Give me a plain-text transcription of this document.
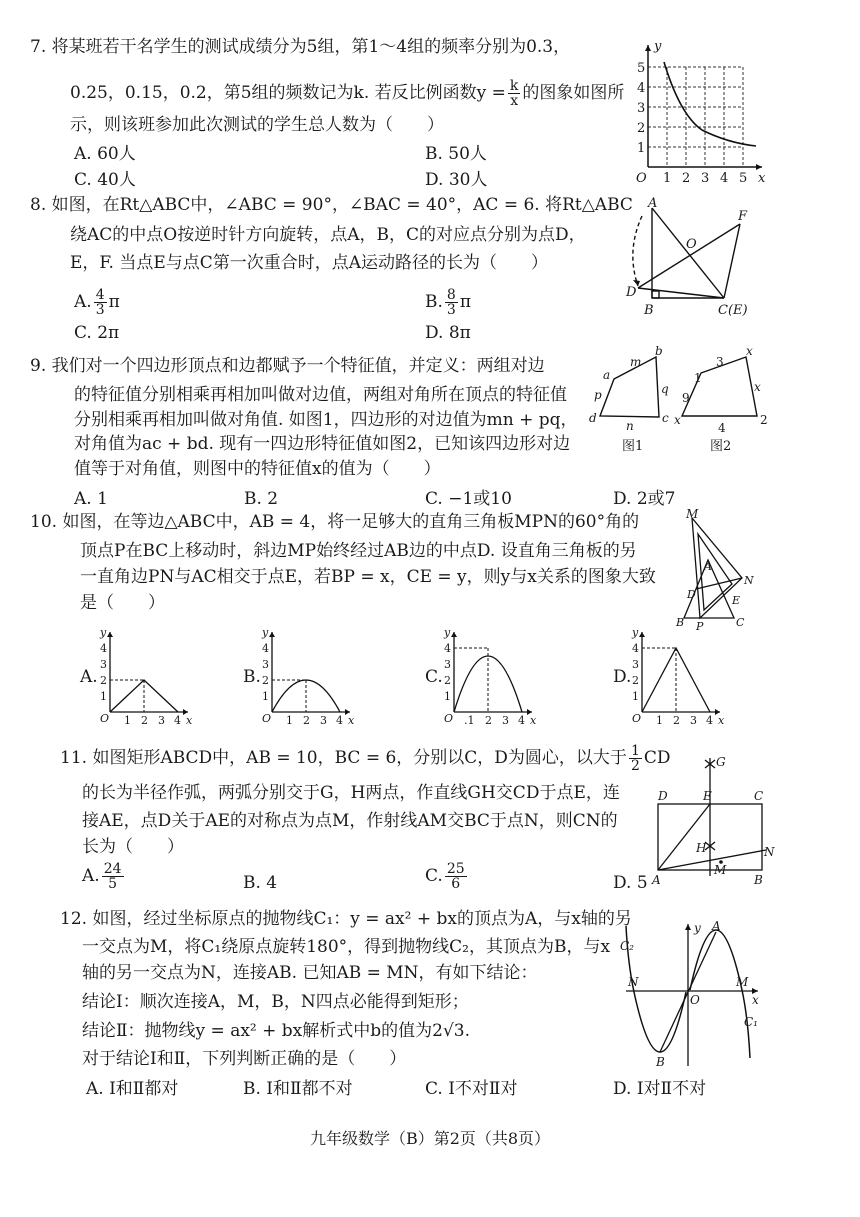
7. 将某班若干名学生的测试成绩分为5组，第1～4组的频率分别为0.3，
0.25，0.15，0.2，第5组的频数记为k. 若反比例函数$y = \frac{k}{x}$ 的图象如图所
示，则该班参加此次测试的学生总人数为（　　）
A. 60人	B. 50人
C. 40人	D. 30人
y
x
O 1 2 3 4 5
1
2
3
4
5
8. 如图，在Rt△ABC中，∠ABC = 90°，∠BAC = 40°，AC = 6. 将Rt△ABC
绕AC的中点O按逆时针方向旋转，点A，B，C的对应点分别为点D，
E，F. 当点E与点C第一次重合时，点A运动路径的长为（　　）
A. $\frac{4}{3}$ π	B. $\frac{8}{3}$ π
C. 2π	D. 8π
A
F
O
D
B	C(E)
9. 我们对一个四边形顶点和边都赋予一个特征值，并定义：两组对边
的特征值分别相乘再相加叫做对边值，两组对角所在顶点的特征值
分别相乘再相加叫做对角值. 如图1，四边形的对边值为mn + pq，
对角值为ac + bd. 现有一四边形特征值如图2，已知该四边形对边
值等于对角值，则图中的特征值x的值为（　　）
A. 1	B. 2	C. −1或10	D. 2或7
m
b
a
p	q
d
n
c
图1
1
3
x
9
x
x
4
2
图2
10. 如图，在等边△ABC中，AB = 4，将一足够大的直角三角板MPN的60°角的
顶点P在BC上移动时，斜边MP始终经过AB边的中点D. 设直角三角板的另
一直角边PN与AC相交于点E，若BP = x，CE = y，则y与x关系的图象大致
是（　　）
M
A
N
D	E
B P	C
A.
y
x
O 1 2 3 4
1
2
3
4
B.
y
x
O 1 2 3 4
1
2
3
4
C.
y
x
O .1 2 3 4
1
2
3
4
D.
y
x
O 1 2 3 4
1
2
3
4
11. 如图矩形ABCD中，AB = 10，BC = 6，分别以C，D为圆心，以大于 $\frac{1}{2}$ CD
的长为半径作弧，两弧分别交于G，H两点，作直线GH交CD于点E，连
接AE，点D关于AE的对称点为点M，作射线AM交BC于点N，则CN的
长为（　　）
A. $\frac{24}{5}$	B. 4	C. $\frac{25}{6}$	D. 5
G
D	E	C
H	N
M
A	B
12. 如图，经过坐标原点的抛物线C₁：y = ax² + bx的顶点为A，与x轴的另
一交点为M，将C₁绕原点旋转180°，得到抛物线C₂，其顶点为B，与x
轴的另一交点为N，连接AB. 已知AB = MN，有如下结论：
结论Ⅰ：顺次连接A，M，B，N四点必能得到矩形；
结论Ⅱ：抛物线y = ax² + bx解析式中b的值为2√3.
对于结论Ⅰ和Ⅱ，下列判断正确的是（　　）
A. Ⅰ和Ⅱ都对	B. Ⅰ和Ⅱ都不对	C. Ⅰ不对Ⅱ对	D. Ⅰ对Ⅱ不对
y A
C₂
N
O
M
x
C₁
B
九年级数学（B）第2页（共8页）
